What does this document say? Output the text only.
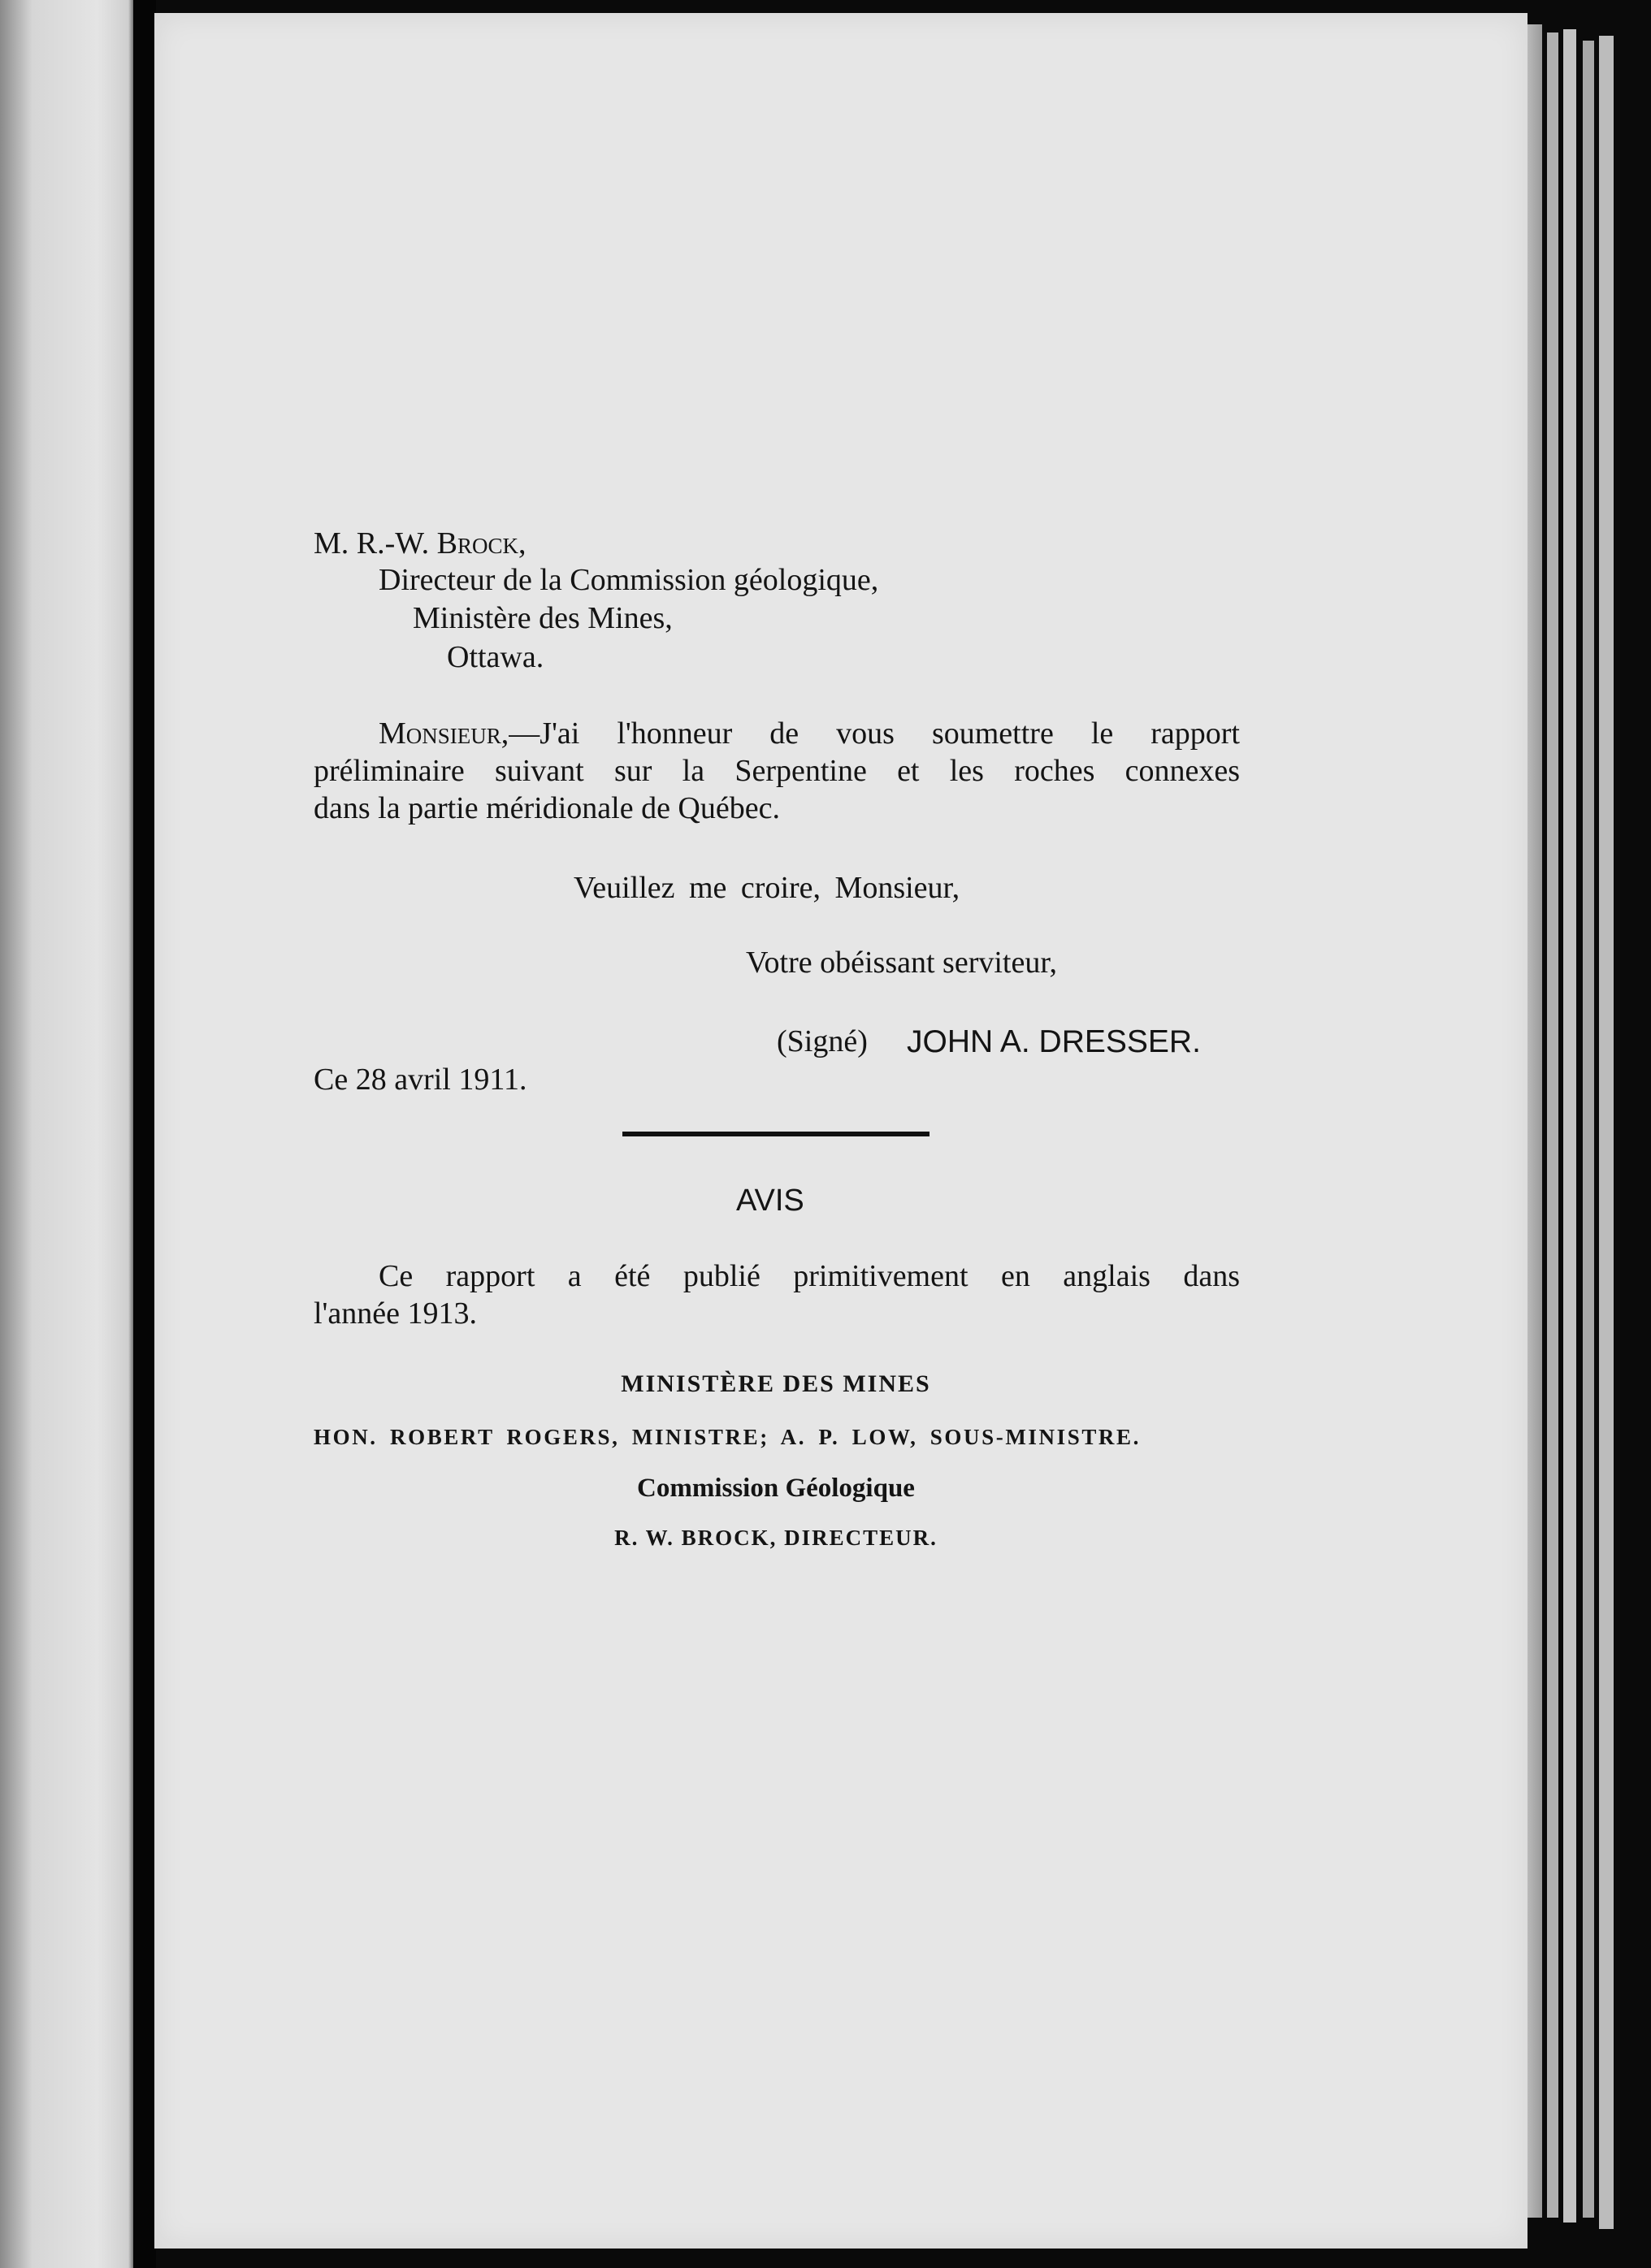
M. R.-W. Brock,
Directeur de la Commission géologique,
Ministère des Mines,
Ottawa.
Monsieur,—J'ai l'honneur de vous soumettre le rapport
préliminaire suivant sur la Serpentine et les roches connexes
dans la partie méridionale de Québec.
Veuillez me croire, Monsieur,
Votre obéissant serviteur,
(Signé) JOHN A. DRESSER.
Ce 28 avril 1911.
AVIS
Ce rapport a été publié primitivement en anglais dans
l'année 1913.
MINISTÈRE DES MINES
HON. ROBERT ROGERS, MINISTRE; A. P. LOW, SOUS-MINISTRE.
Commission Géologique
R. W. BROCK, DIRECTEUR.
